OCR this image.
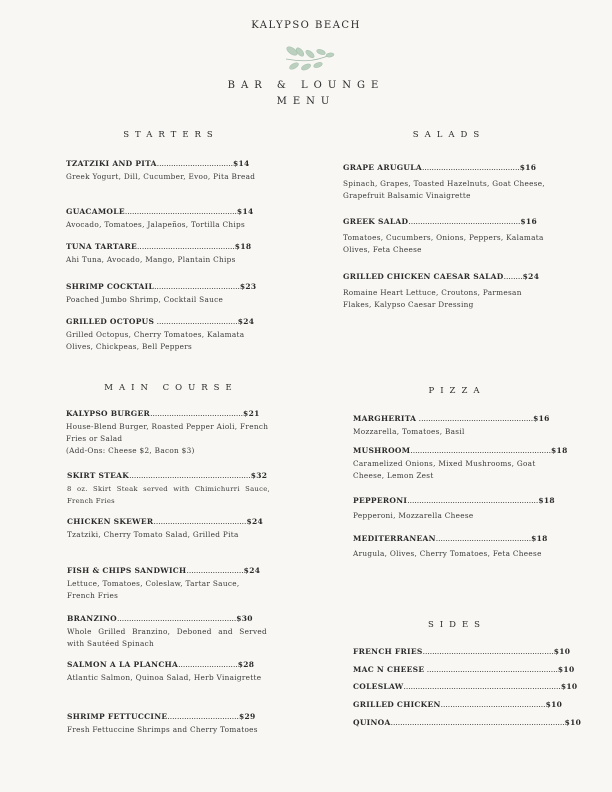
KALYPSO BEACH
BAR & LOUNGE
MENU
STARTERS	SALADS
MAIN COURSE	PIZZA
SIDES
TZATZIKI AND PITA................................$14
Greek Yogurt, Dill, Cucumber, Evoo, Pita Bread
GUACAMOLE...............................................$14
Avocado, Tomatoes, Jalapeños, Tortilla Chips
TUNA TARTARE.........................................$18
Ahi Tuna, Avocado, Mango, Plantain Chips
SHRIMP COCKTAIL....................................$23
Poached Jumbo Shrimp, Cocktail Sauce
GRILLED OCTOPUS ..................................$24
Grilled Octopus, Cherry Tomatoes, Kalamata Olives, Chickpeas, Bell Peppers
GRAPE ARUGULA.........................................$16
Spinach, Grapes, Toasted Hazelnuts, Goat Cheese, Grapefruit Balsamic Vinaigrette
GREEK SALAD...............................................$16
Tomatoes, Cucumbers, Onions, Peppers, Kalamata Olives, Feta Cheese
GRILLED CHICKEN CAESAR SALAD........$24
Romaine Heart Lettuce, Croutons, Parmesan Flakes, Kalypso Caesar Dressing
KALYPSO BURGER.......................................$21
House-Blend Burger, Roasted Pepper Aioli, French Fries or Salad
(Add-Ons: Cheese $2, Bacon $3)
SKIRT STEAK...................................................$32
8 oz. Skirt Steak served with Chimichurri Sauce, French Fries
CHICKEN SKEWER.......................................$24
Tzatziki, Cherry Tomato Salad, Grilled Pita
FISH & CHIPS SANDWICH........................$24
Lettuce, Tomatoes, Coleslaw, Tartar Sauce, French Fries
BRANZINO..................................................$30
Whole Grilled Branzino, Deboned and Served with Sautéed Spinach
SALMON A LA PLANCHA.........................$28
Atlantic Salmon, Quinoa Salad, Herb Vinaigrette
SHRIMP FETTUCCINE..............................$29
Fresh Fettuccine Shrimps and Cherry Tomatoes
MARGHERITA ................................................$16
Mozzarella, Tomatoes, Basil
MUSHROOM...........................................................$18
Caramelized Onions, Mixed Mushrooms, Goat Cheese, Lemon Zest
PEPPERONI.......................................................$18
Pepperoni, Mozzarella Cheese
MEDITERRANEAN........................................$18
Arugula, Olives, Cherry Tomatoes, Feta Cheese
FRENCH FRIES.......................................................$10
MAC N CHEESE .......................................................$10
COLESLAW..................................................................$10
GRILLED CHICKEN............................................$10
QUINOA.........................................................................$10
